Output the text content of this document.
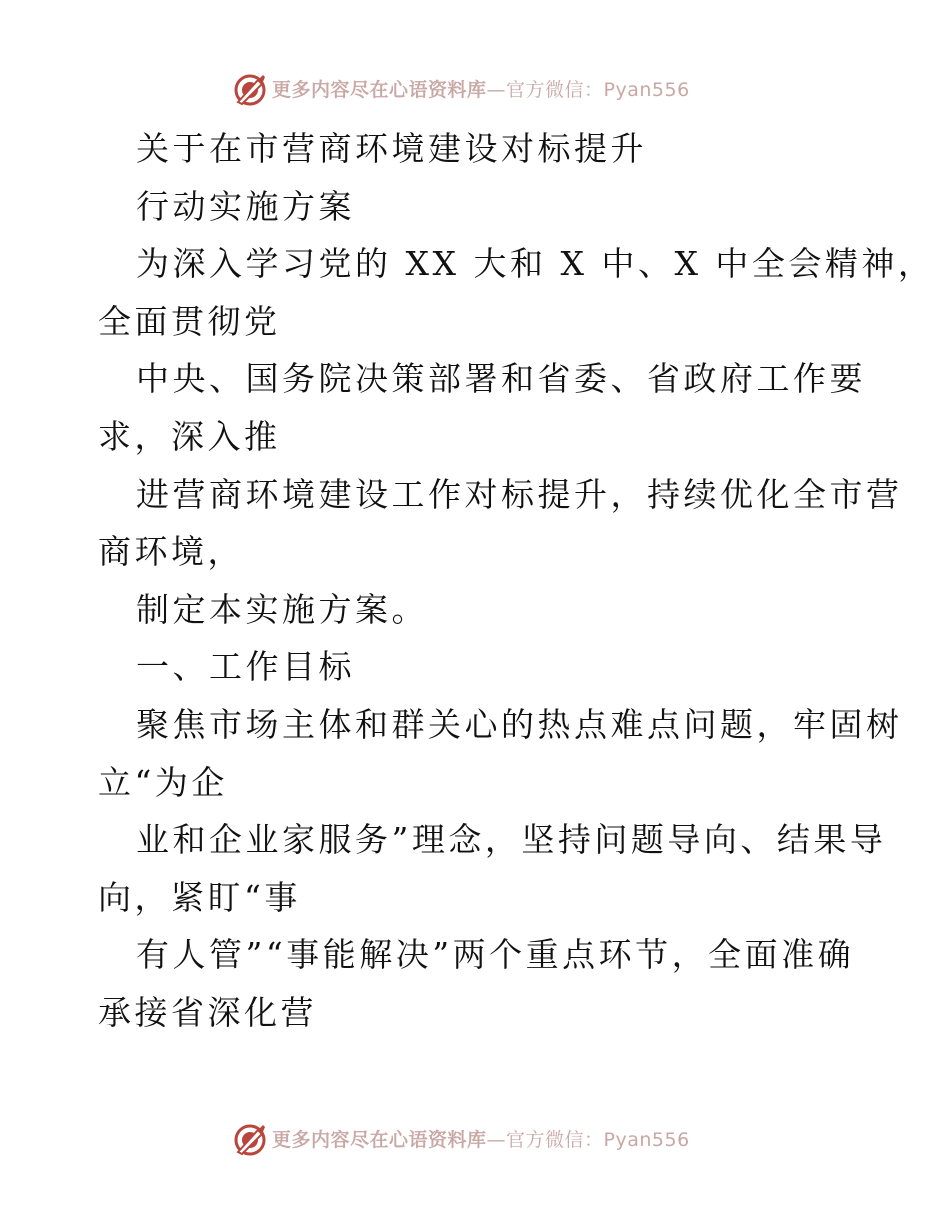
更多内容尽在心语资料库—官方微信：Pyan556

关于在市营商环境建设对标提升

行动实施方案

为深入学习党的 XX 大和 X 中、X 中全会精神，

全面贯彻党

中央、国务院决策部署和省委、省政府工作要

求，深入推

进营商环境建设工作对标提升，持续优化全市营

商环境，

制定本实施方案。

一、工作目标

聚焦市场主体和群关心的热点难点问题，牢固树

立“为企

业和企业家服务”理念，坚持问题导向、结果导

向，紧盯“事

有人管”“事能解决”两个重点环节，全面准确

承接省深化营

更多内容尽在心语资料库—官方微信：Pyan556
